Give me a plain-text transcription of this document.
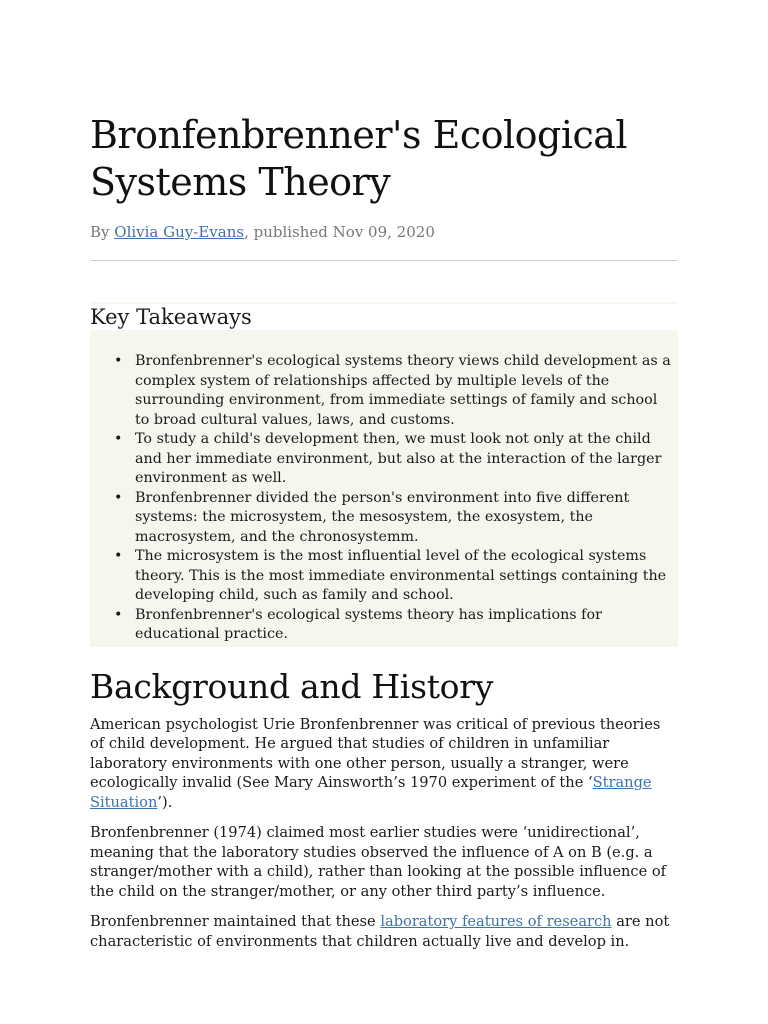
Bronfenbrenner's Ecological
Systems Theory
By Olivia Guy-Evans, published Nov 09, 2020
Key Takeaways
• Bronfenbrenner's ecological systems theory views child development as a complex system of relationships affected by multiple levels of the surrounding environment, from immediate settings of family and school to broad cultural values, laws, and customs.
• To study a child's development then, we must look not only at the child and her immediate environment, but also at the interaction of the larger environment as well.
• Bronfenbrenner divided the person's environment into five different systems: the microsystem, the mesosystem, the exosystem, the macrosystem, and the chronosystemm.
• The microsystem is the most influential level of the ecological systems theory. This is the most immediate environmental settings containing the developing child, such as family and school.
• Bronfenbrenner's ecological systems theory has implications for educational practice.
Background and History

American psychologist Urie Bronfenbrenner was critical of previous theories of child development. He argued that studies of children in unfamiliar laboratory environments with one other person, usually a stranger, were ecologically invalid (See Mary Ainsworth’s 1970 experiment of the ‘Strange Situation’).

Bronfenbrenner (1974) claimed most earlier studies were ‘unidirectional’, meaning that the laboratory studies observed the influence of A on B (e.g. a stranger/mother with a child), rather than looking at the possible influence of the child on the stranger/mother, or any other third party’s influence.

Bronfenbrenner maintained that these laboratory features of research are not characteristic of environments that children actually live and develop in.
